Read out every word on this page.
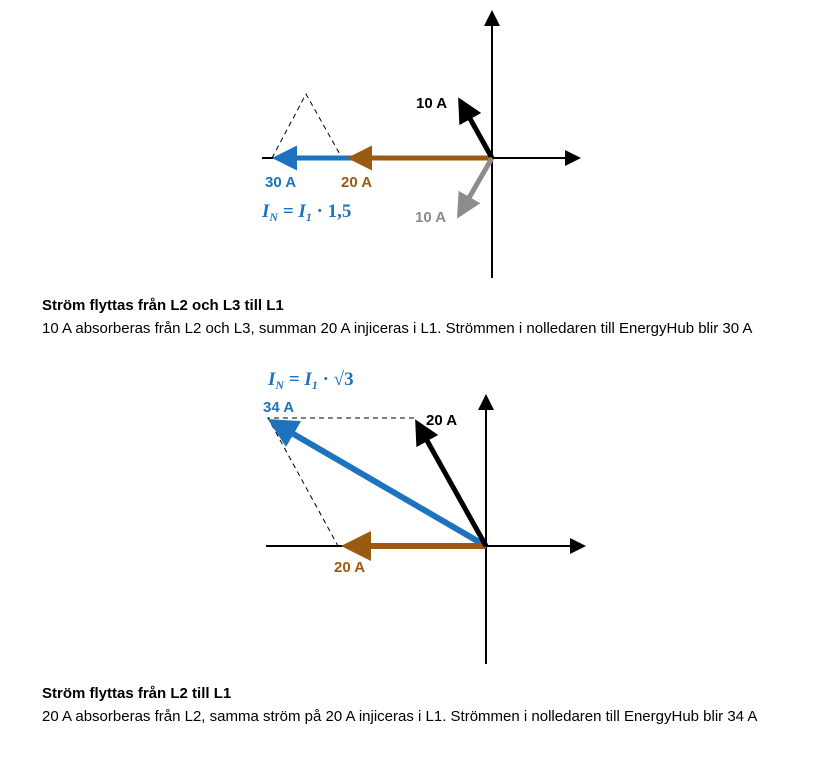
10 A
30 A	20 A
10 A
$I_N = I_1 \cdot 1,5$
Ström flyttas från L2 och L3 till L1

10 A absorberas från L2 och L3, summan 20 A injiceras i L1. Strömmen i nolledaren till EnergyHub blir 30 A

34 A
20 A
20 A
$I_N = I_1 \cdot √3$
Ström flyttas från L2 till L1

20 A absorberas från L2, samma ström på 20 A injiceras i L1. Strömmen i nolledaren till EnergyHub blir 34 A
